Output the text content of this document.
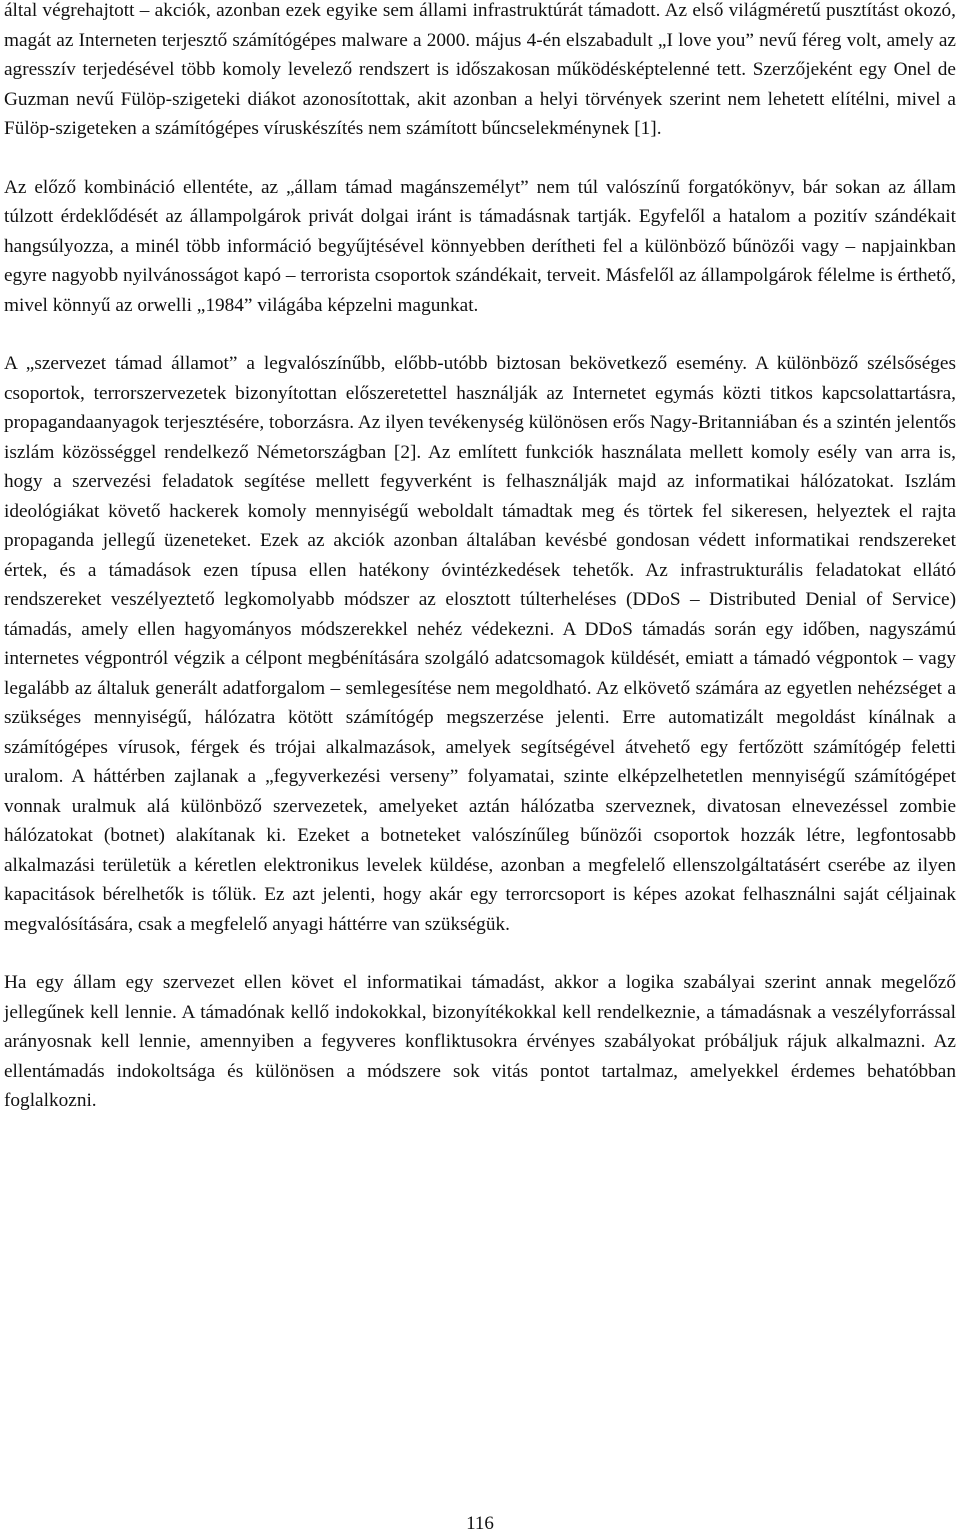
által végrehajtott – akciók, azonban ezek egyike sem állami infrastruktúrát támadott. Az első világméretű pusztítást okozó, magát az Interneten terjesztő számítógépes malware a 2000. május 4-én elszabadult „I love you” nevű féreg volt, amely az agresszív terjedésével több komoly levelező rendszert is időszakosan működésképtelenné tett. Szerzőjeként egy Onel de Guzman nevű Fülöp-szigeteki diákot azonosítottak, akit azonban a helyi törvények szerint nem lehetett elítélni, mivel a Fülöp-szigeteken a számítógépes víruskészítés nem számított bűncselekménynek [1].

Az előző kombináció ellentéte, az „állam támad magánszemélyt” nem túl valószínű forgatókönyv, bár sokan az állam túlzott érdeklődését az állampolgárok privát dolgai iránt is támadásnak tartják. Egyfelől a hatalom a pozitív szándékait hangsúlyozza, a minél több információ begyűjtésével könnyebben derítheti fel a különböző bűnözői vagy – napjainkban egyre nagyobb nyilvánosságot kapó – terrorista csoportok szándékait, terveit. Másfelől az állampolgárok félelme is érthető, mivel könnyű az orwelli „1984” világába képzelni magunkat.

A „szervezet támad államot” a legvalószínűbb, előbb-utóbb biztosan bekövetkező esemény. A különböző szélsőséges csoportok, terrorszervezetek bizonyítottan előszeretettel használják az Internetet egymás közti titkos kapcsolattartásra, propagandaanyagok terjesztésére, toborzásra. Az ilyen tevékenység különösen erős Nagy-Britanniában és a szintén jelentős iszlám közösséggel rendelkező Németországban [2]. Az említett funkciók használata mellett komoly esély van arra is, hogy a szervezési feladatok segítése mellett fegyverként is felhasználják majd az informatikai hálózatokat. Iszlám ideológiákat követő hackerek komoly mennyiségű weboldalt támadtak meg és törtek fel sikeresen, helyeztek el rajta propaganda jellegű üzeneteket. Ezek az akciók azonban általában kevésbé gondosan védett informatikai rendszereket értek, és a támadások ezen típusa ellen hatékony óvintézkedések tehetők. Az infrastrukturális feladatokat ellátó rendszereket veszélyeztető legkomolyabb módszer az elosztott túlterheléses (DDoS – Distributed Denial of Service) támadás, amely ellen hagyományos módszerekkel nehéz védekezni. A DDoS támadás során egy időben, nagyszámú internetes végpontról végzik a célpont megbénítására szolgáló adatcsomagok küldését, emiatt a támadó végpontok – vagy legalább az általuk generált adatforgalom – semlegesítése nem megoldható. Az elkövető számára az egyetlen nehézséget a szükséges mennyiségű, hálózatra kötött számítógép megszerzése jelenti. Erre automatizált megoldást kínálnak a számítógépes vírusok, férgek és trójai alkalmazások, amelyek segítségével átvehető egy fertőzött számítógép feletti uralom. A háttérben zajlanak a „fegyverkezési verseny” folyamatai, szinte elképzelhetetlen mennyiségű számítógépet vonnak uralmuk alá különböző szervezetek, amelyeket aztán hálózatba szerveznek, divatosan elnevezéssel zombie hálózatokat (botnet) alakítanak ki. Ezeket a botneteket valószínűleg bűnözői csoportok hozzák létre, legfontosabb alkalmazási területük a kéretlen elektronikus levelek küldése, azonban a megfelelő ellenszolgáltatásért cserébe az ilyen kapacitások bérelhetők is tőlük. Ez azt jelenti, hogy akár egy terrorcsoport is képes azokat felhasználni saját céljainak megvalósítására, csak a megfelelő anyagi háttérre van szükségük.

Ha egy állam egy szervezet ellen követ el informatikai támadást, akkor a logika szabályai szerint annak megelőző jellegűnek kell lennie. A támadónak kellő indokokkal, bizonyítékokkal kell rendelkeznie, a támadásnak a veszélyforrással arányosnak kell lennie, amennyiben a fegyveres konfliktusokra érvényes szabályokat próbáljuk rájuk alkalmazni. Az ellentámadás indokoltsága és különösen a módszere sok vitás pontot tartalmaz, amelyekkel érdemes behatóbban foglalkozni.

116
